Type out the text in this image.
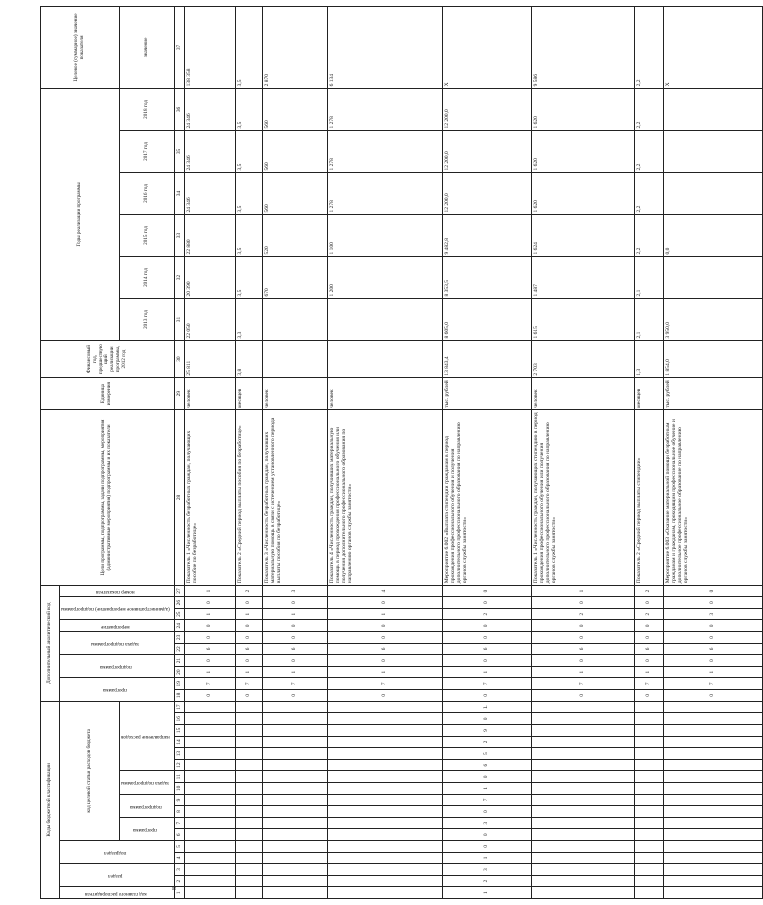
8
Коды бюджетной классификации																	Дополнительный аналитический код										Цели программы, подпрограммы, задачи подпрограммы, мероприятия (административные мероприятия) подпрограммы и их показатели	Единица измерения	Финансовый год, предшествующий реализации программы, 2012 год	Годы реализации программы						Целевое (суммарное) значение показателя
код главного распорядителя	раздел		подраздел		код целевой статьи расходов бюджета												программа		подпрограмма		задача подпрограммы		мероприятие	(административное мероприятие) подпрограммы		номер показателя										
					программа		подпрограмма		задача подпрограммы		направление расходов																			2013 год	2014 год	2015 год	2016 год	2017 год	2018 год	значение
1	2	3	4	5	6	7	8	9	10	11	12	13	14	15	16	17	18	19	20	21	22	23	24	25	26	27	28	29	30	31	32	33	34	35	36	37
																	0	7	1	0	6	0	0	1	0	1	Показатель 1 «Численность безработных граждан, получающих пособие по безработице»	человек	25 811	22 050	20 390	22 880	24 346	24 346	24 346	138 358
																	0	7	1	0	6	0	0	1	0	2	Показатель 2 «Средний период выплаты пособия по безработице»	месяцев	3,8	3,3	3,5	3,5	3,5	3,5	3,5	3,5
																	0	7	1	0	6	0	0	1	0	3	Показатель 3 «Численность безработных граждан, получивших материальную помощь в связи с истечением установленного периода выплаты пособия по безработице»	человек			670	520	560	560	560	2 870
																	0	7	1	0	6	0	0	1	0	4	Показатель 4 «Численность граждан, получивших материальную помощь в период прохождения профессионального обучения или получения дополнительного профессионального образования по направлению органов службы занятости»	человек			1 200	1 100	1 278	1 278	1 278	6 134
1	2	3	1	0	0	3	0	7	1	0	6	5	2	9	0	L	0	7	1	0	6	0	0	2	0	0	Мероприятие 6.002 «Выплата стипендии гражданам в период прохождения профессионального обучения и получения дополнительного профессионального образования по направлению органов службы занятости»	тыс. рублей	13 843,4	8 605,0	8 353,5	9 482,8	12 200,0	12 200,0	12 200,0	X
																	0	7	1	0	6	0	0	2	0	1	Показатель 1 «Численность граждан, получающих стипендию в период прохождения профессионального обучения или получения дополнительного профессионального образования по направлению органов службы занятости»	человек	2 703	1 615	1 487	1 624	1 620	1 620	1 620	9 586
																	0	7	1	0	6	0	0	2	0	2	Показатель 2 «Средний период выплаты стипендии»	месяцев	1,3	2,1	2,1	2,2	2,2	2,2	2,2	2,2
																	0	7	1	0	6	0	0	3	0	0	Мероприятие 6.003 «Оказание материальной помощи безработным гражданам и гражданам, проходящим профессиональное обучение и дополнительное профессиональное образование по направлению органов службы занятости»	тыс. рублей	1 854,0	3 950,0		0,0				X
